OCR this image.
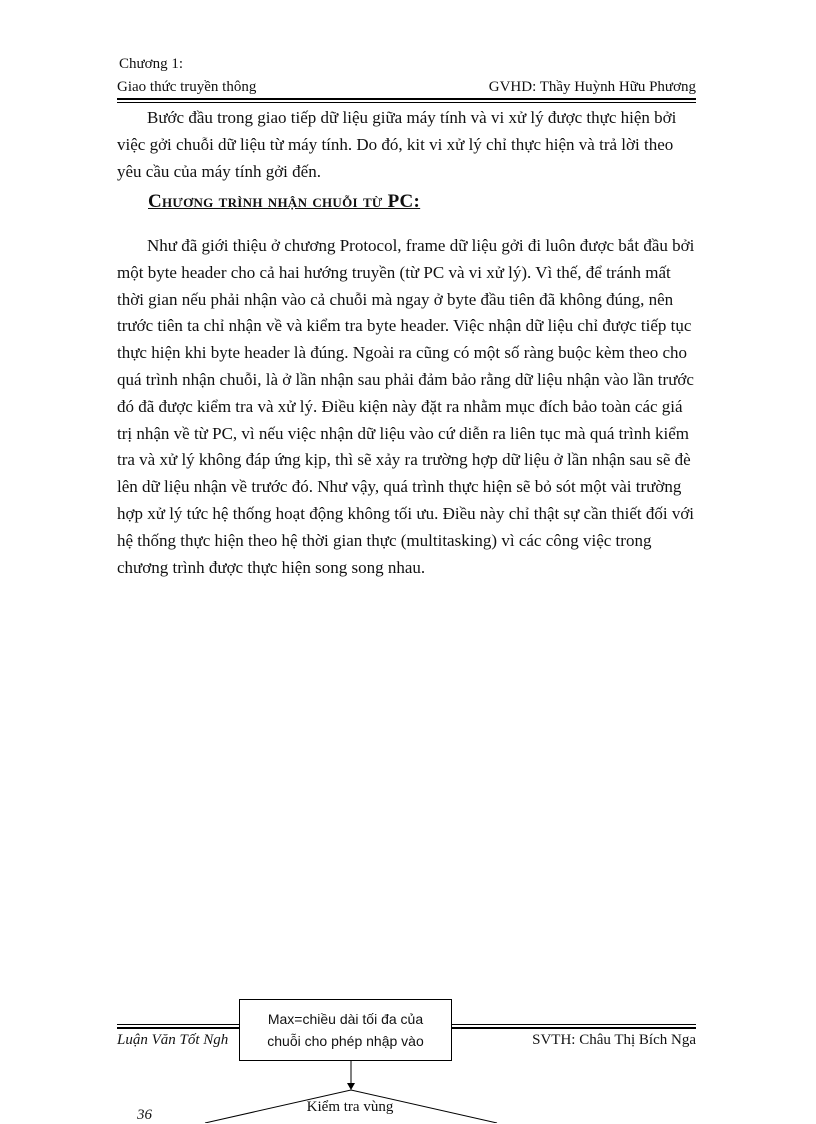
Chương 1:
Giao thức truyền thông	GVHD: Thầy Huỳnh Hữu Phương

Bước đầu trong giao tiếp dữ liệu giữa máy tính và vi xử lý được thực hiện bởi việc gởi chuỗi dữ liệu từ máy tính. Do đó, kit vi xử lý chỉ thực hiện và trả lời theo yêu cầu của máy tính gởi đến.

Chương trình nhận chuỗi từ PC:

Như đã giới thiệu ở chương Protocol, frame dữ liệu gởi đi luôn được bắt đầu bởi một byte header cho cả hai hướng truyền (từ PC và vi xử lý). Vì thế, để tránh mất thời gian nếu phải nhận vào cả chuỗi mà ngay ở byte đầu tiên đã không đúng, nên trước tiên ta chỉ nhận về và kiểm tra byte header. Việc nhận dữ liệu chỉ được tiếp tục thực hiện khi byte header là đúng. Ngoài ra cũng có một số ràng buộc kèm theo cho quá trình nhận chuỗi, là ở lần nhận sau phải đảm bảo rằng dữ liệu nhận vào lần trước đó đã được kiểm tra và xử lý. Điều kiện này đặt ra nhằm mục đích bảo toàn các giá trị nhận về từ PC, vì nếu việc nhận dữ liệu vào cứ diễn ra liên tục mà quá trình kiểm tra và xử lý không đáp ứng kịp, thì sẽ xảy ra trường hợp dữ liệu ở lần nhận sau sẽ đè lên dữ liệu nhận về trước đó. Như vậy, quá trình thực hiện sẽ bỏ sót một vài trường hợp xử lý tức hệ thống hoạt động không tối ưu. Điều này chỉ thật sự cần thiết đối với hệ thống thực hiện theo hệ thời gian thực (multitasking) vì các công việc trong chương trình được thực hiện song song nhau.

Luận Văn Tốt Ngh	SVTH: Châu Thị Bích Nga
36
Max=chiều dài tối đa của
chuỗi cho phép nhập vào
Kiểm tra vùng
